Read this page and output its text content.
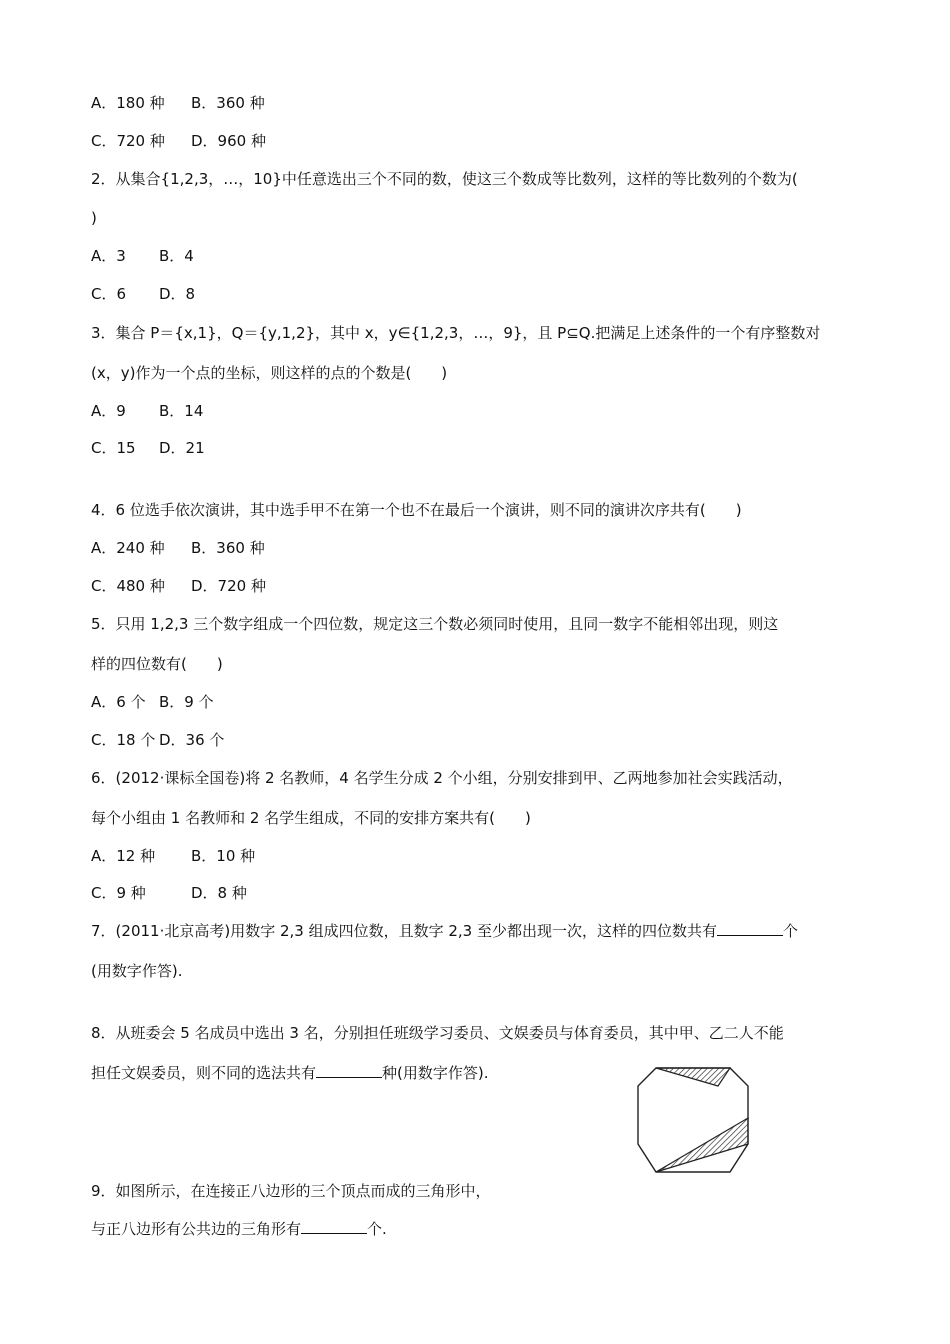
A．180 种 B．360 种
C．720 种 D．960 种
2．从集合{1,2,3，…，10}中任意选出三个不同的数，使这三个数成等比数列，这样的等比数列的个数为(
)
A．3 B．4
C．6 D．8
3．集合 P＝{x,1}，Q＝{y,1,2}，其中 x，y∈{1,2,3，…，9}，且 P⊆Q.把满足上述条件的一个有序整数对
(x，y)作为一个点的坐标，则这样的点的个数是(　　)
A．9 B．14
C．15 D．21
4．6 位选手依次演讲，其中选手甲不在第一个也不在最后一个演讲，则不同的演讲次序共有(　　)
A．240 种 B．360 种
C．480 种 D．720 种
5．只用 1,2,3 三个数字组成一个四位数，规定这三个数必须同时使用，且同一数字不能相邻出现，则这
样的四位数有(　　)
A．6 个 B．9 个
C．18 个 D．36 个
6．(2012·课标全国卷)将 2 名教师，4 名学生分成 2 个小组，分别安排到甲、乙两地参加社会实践活动，
每个小组由 1 名教师和 2 名学生组成，不同的安排方案共有(　　)
A．12 种 B．10 种
C．9 种	D．8 种
7．(2011·北京高考)用数字 2,3 组成四位数，且数字 2,3 至少都出现一次，这样的四位数共有	个
(用数字作答).
8．从班委会 5 名成员中选出 3 名，分别担任班级学习委员、文娱委员与体育委员，其中甲、乙二人不能
担任文娱委员，则不同的选法共有	种(用数字作答).
9．如图所示，在连接正八边形的三个顶点而成的三角形中，
与正八边形有公共边的三角形有	个.
